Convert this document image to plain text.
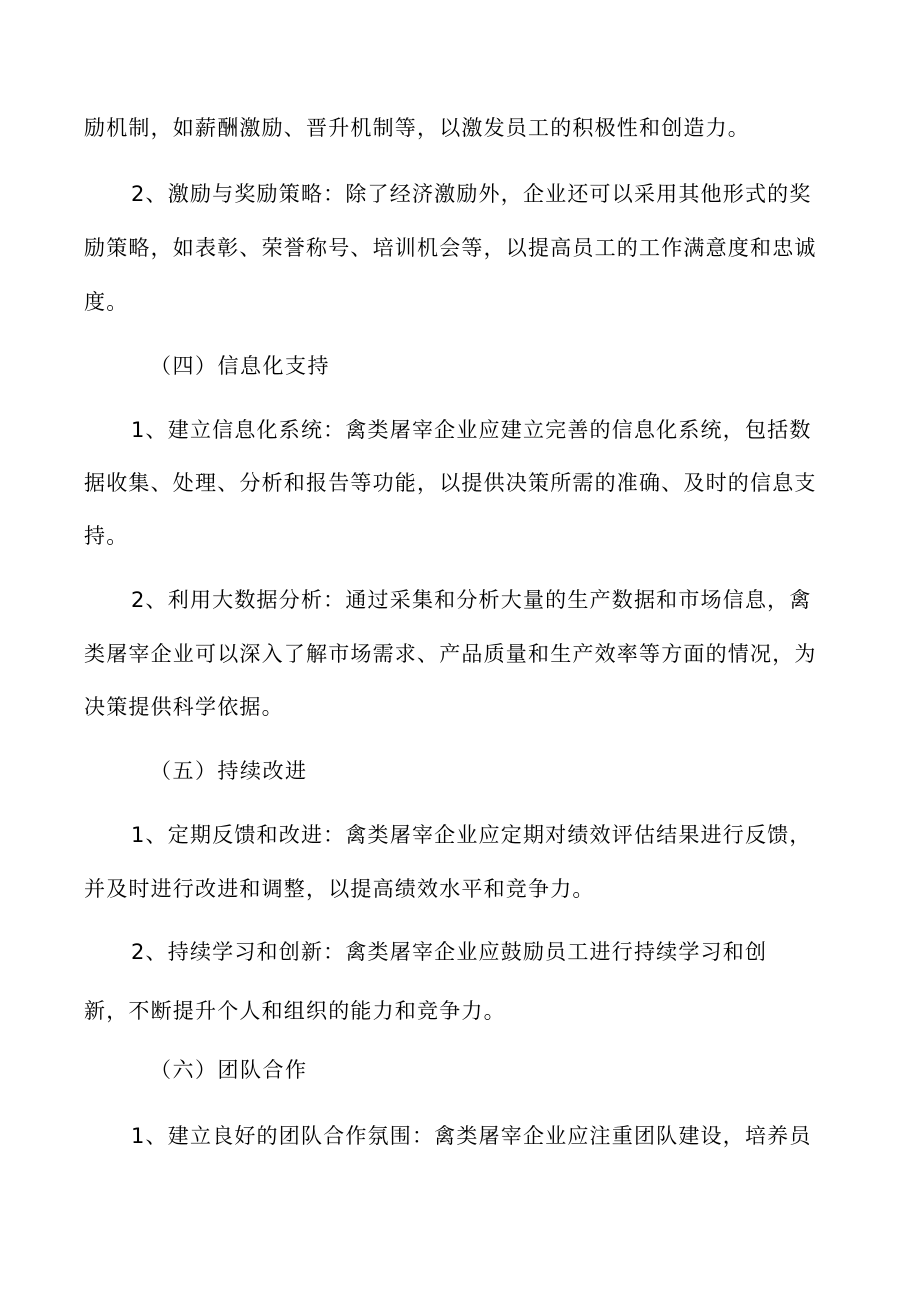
励机制，如薪酬激励、晋升机制等，以激发员工的积极性和创造力。
2、激励与奖励策略：除了经济激励外，企业还可以采用其他形式的奖
励策略，如表彰、荣誉称号、培训机会等，以提高员工的工作满意度和忠诚
度。
（四）信息化支持
1、建立信息化系统：禽类屠宰企业应建立完善的信息化系统，包括数
据收集、处理、分析和报告等功能，以提供决策所需的准确、及时的信息支
持。
2、利用大数据分析：通过采集和分析大量的生产数据和市场信息，禽
类屠宰企业可以深入了解市场需求、产品质量和生产效率等方面的情况，为
决策提供科学依据。
（五）持续改进
1、定期反馈和改进：禽类屠宰企业应定期对绩效评估结果进行反馈，
并及时进行改进和调整，以提高绩效水平和竞争力。
2、持续学习和创新：禽类屠宰企业应鼓励员工进行持续学习和创
新，不断提升个人和组织的能力和竞争力。
（六）团队合作
1、建立良好的团队合作氛围：禽类屠宰企业应注重团队建设，培养员
